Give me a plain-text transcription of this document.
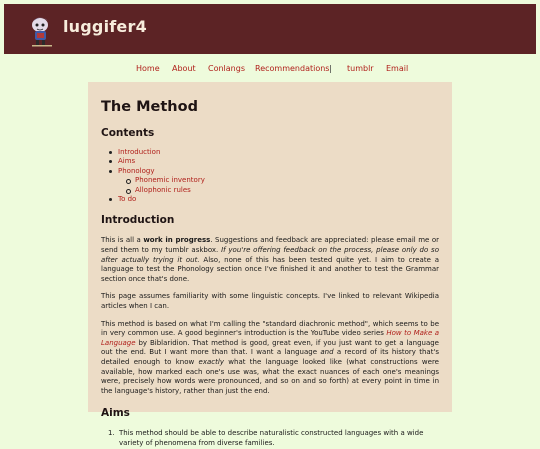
luggifer4
Home About Conlangs Recommendations | tumblr Email
The Method
Contents
Introduction
Aims
Phonology
Phonemic inventory
Allophonic rules
To do
Introduction

This is all a work in progress. Suggestions and feedback are appreciated: please email me or send them to my tumblr askbox. If you're offering feedback on the process, please only do so after actually trying it out. Also, none of this has been tested quite yet. I aim to create a language to test the Phonology section once I've finished it and another to test the Grammar section once that's done.

This page assumes familiarity with some linguistic concepts. I've linked to relevant Wikipedia articles when I can.

This method is based on what I'm calling the "standard diachronic method", which seems to be in very common use. A good beginner's introduction is the YouTube video series How to Make a Language by Biblaridion. That method is good, great even, if you just want to get a language out the end. But I want more than that. I want a language and a record of its history that's detailed enough to know exactly what the language looked like (what constructions were available, how marked each one's use was, what the exact nuances of each one's meanings were, precisely how words were pronounced, and so on and so forth) at every point in time in the language's history, rather than just the end.

Aims
1. This method should be able to describe naturalistic constructed languages with a wide variety of phenomena from diverse families.
